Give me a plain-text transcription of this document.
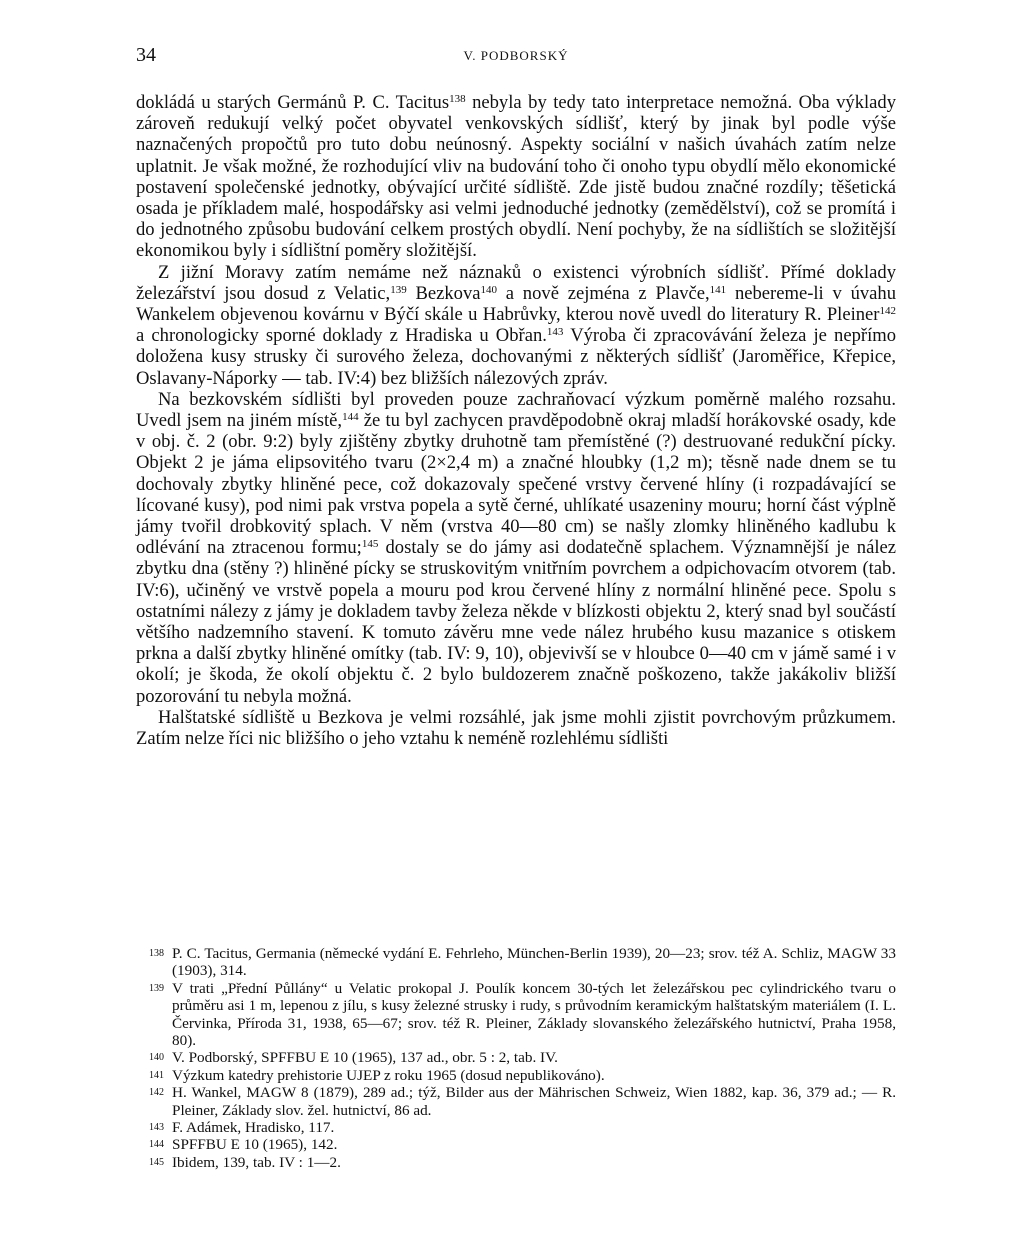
34	V. PODBORSKÝ

dokládá u starých Germánů P. C. Tacitus$^{138}$ nebyla by tedy tato interpretace nemožná. Oba výklady zároveň redukují velký počet obyvatel venkovských sídlišť, který by jinak byl podle výše naznačených propočtů pro tuto dobu neúnosný. Aspekty sociální v našich úvahách zatím nelze uplatnit. Je však možné, že rozhodující vliv na budování toho či onoho typu obydlí mělo ekonomické postavení společenské jednotky, obývající určité sídliště. Zde jistě budou značné rozdíly; těšetická osada je příkladem malé, hospodářsky asi velmi jednoduché jednotky (zemědělství), což se promítá i do jednotného způsobu budování celkem prostých obydlí. Není pochyby, že na sídlištích se složitější ekonomikou byly i sídlištní poměry složitější.

Z jižní Moravy zatím nemáme než náznaků o existenci výrobních sídlišť. Přímé doklady železářství jsou dosud z Velatic,$^{139}$ Bezkova$^{140}$ a nově zejména z Plavče,$^{141}$ nebereme-li v úvahu Wankelem objevenou kovárnu v Býčí skále u Habrůvky, kterou nově uvedl do literatury R. Pleiner$^{142}$ a chronologicky sporné doklady z Hradiska u Obřan.$^{143}$ Výroba či zpracovávání železa je nepřímo doložena kusy strusky či surového železa, dochovanými z některých sídlišť (Jaroměřice, Křepice, Oslavany-Náporky — tab. IV:4) bez bližších nálezových zpráv.

Na bezkovském sídlišti byl proveden pouze zachraňovací výzkum poměrně malého rozsahu. Uvedl jsem na jiném místě,$^{144}$ že tu byl zachycen pravděpodobně okraj mladší horákovské osady, kde v obj. č. 2 (obr. 9:2) byly zjištěny zbytky druhotně tam přemístěné (?) destruované redukční pícky. Objekt 2 je jáma elipsovitého tvaru (2×2,4 m) a značné hloubky (1,2 m); těsně nade dnem se tu dochovaly zbytky hliněné pece, což dokazovaly spečené vrstvy červené hlíny (i rozpadávající se lícované kusy), pod nimi pak vrstva popela a sytě černé, uhlíkaté usazeniny mouru; horní část výplně jámy tvořil drobkovitý splach. V něm (vrstva 40—80 cm) se našly zlomky hliněného kadlubu k odlévání na ztracenou formu;$^{145}$ dostaly se do jámy asi dodatečně splachem. Významnější je nález zbytku dna (stěny ?) hliněné pícky se struskovitým vnitřním povrchem a odpichovacím otvorem (tab. IV:6), učiněný ve vrstvě popela a mouru pod krou červené hlíny z normální hliněné pece. Spolu s ostatními nálezy z jámy je dokladem tavby železa někde v blízkosti objektu 2, který snad byl součástí většího nadzemního stavení. K tomuto závěru mne vede nález hrubého kusu mazanice s otiskem prkna a další zbytky hliněné omítky (tab. IV: 9, 10), objevivší se v hloubce 0—40 cm v jámě samé i v okolí; je škoda, že okolí objektu č. 2 bylo buldozerem značně poškozeno, takže jakákoliv bližší pozorování tu nebyla možná.

Halštatské sídliště u Bezkova je velmi rozsáhlé, jak jsme mohli zjistit povrchovým průzkumem. Zatím nelze říci nic bližšího o jeho vztahu k neméně rozlehlému sídlišti

138 P. C. Tacitus, Germania (německé vydání E. Fehrleho, München-Berlin 1939), 20—23; srov. též A. Schliz, MAGW 33 (1903), 314.
139 V trati „Přední Půllány“ u Velatic prokopal J. Poulík koncem 30-tých let železářskou pec cylindrického tvaru o průměru asi 1 m, lepenou z jílu, s kusy železné strusky i rudy, s průvodním keramickým halštatským materiálem (I. L. Červinka, Příroda 31, 1938, 65—67; srov. též R. Pleiner, Základy slovanského železářského hutnictví, Praha 1958, 80).
140 V. Podborský, SPFFBU E 10 (1965), 137 ad., obr. 5 : 2, tab. IV.
141 Výzkum katedry prehistorie UJEP z roku 1965 (dosud nepublikováno).
142 H. Wankel, MAGW 8 (1879), 289 ad.; týž, Bilder aus der Mährischen Schweiz, Wien 1882, kap. 36, 379 ad.; — R. Pleiner, Základy slov. žel. hutnictví, 86 ad.
143 F. Adámek, Hradisko, 117.
144 SPFFBU E 10 (1965), 142.
145 Ibidem, 139, tab. IV : 1—2.
